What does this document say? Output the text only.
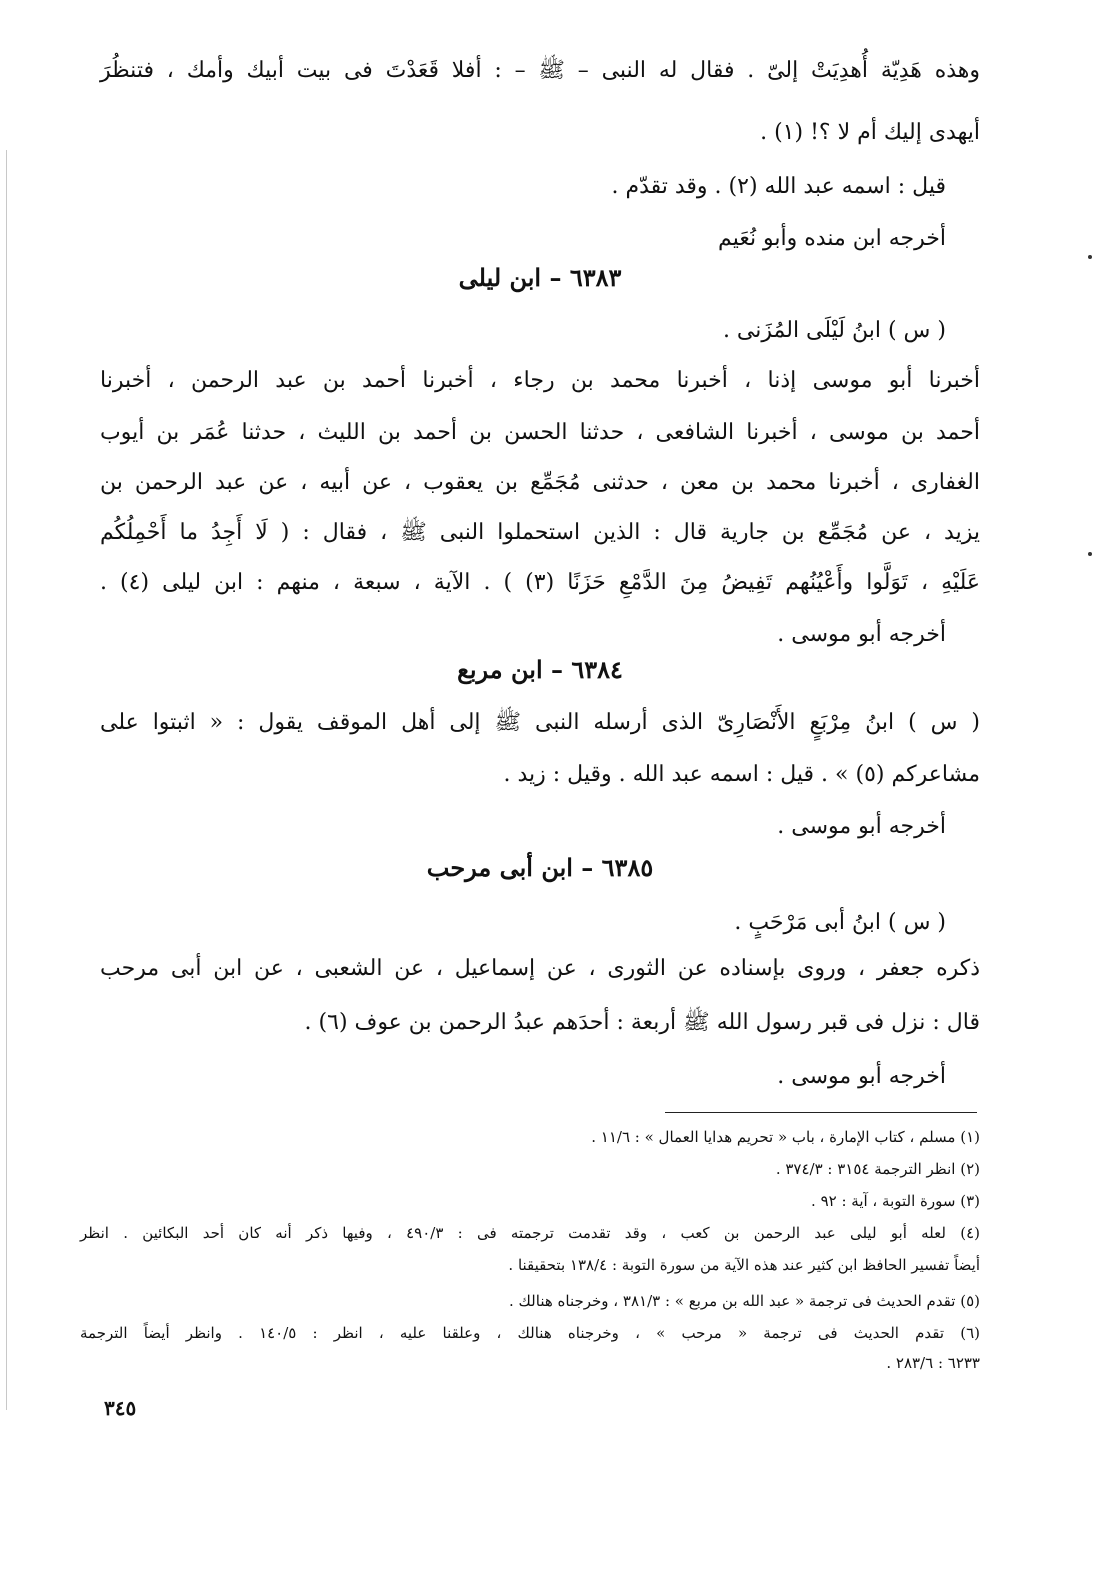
وهذه هَدِيّة أُهدِيَتْ إلىّ . فقال له النبى – ﷺ – : أفلا قَعَدْتَ فى بيت أبيك وأمك ، فتنظُرَ
أيهدى إليك أم لا ؟! (١) .
قيل : اسمه عبد الله (٢) . وقد تقدّم .
أخرجه ابن منده وأبو نُعَيم
٦٣٨٣ – ابن ليلى
( س ) ابنُ لَيْلَى المُزَنى .
أخبرنا أبو موسى إذنا ، أخبرنا محمد بن رجاء ، أخبرنا أحمد بن عبد الرحمن ، أخبرنا
أحمد بن موسى ، أخبرنا الشافعى ، حدثنا الحسن بن أحمد بن الليث ، حدثنا عُمَر بن أيوب
الغفارى ، أخبرنا محمد بن معن ، حدثنى مُجَمِّع بن يعقوب ، عن أبيه ، عن عبد الرحمن بن
يزيد ، عن مُجَمِّع بن جارية قال : الذين استحملوا النبى ﷺ ، فقال : ( لَا أَجِدُ ما أَحْمِلُكُم
عَلَيْهِ ، تَوَلَّوا وأَعْيُنُهم تَفِيضُ مِنَ الدَّمْعِ حَزَنًا (٣) ) . الآية ، سبعة ، منهم : ابن ليلى (٤) .
أخرجه أبو موسى .
٦٣٨٤ – ابن مربع
( س ) ابنُ مِرْبَعٍ الأَنْصَارِىّ الذى أرسله النبى ﷺ إلى أهل الموقف يقول : « اثبتوا على
مشاعركم (٥) » . قيل : اسمه عبد الله . وقيل : زيد .
أخرجه أبو موسى .
٦٣٨٥ – ابن أبى مرحب
( س ) ابنُ أبى مَرْحَبٍ .
ذكره جعفر ، وروى بإسناده عن الثورى ، عن إسماعيل ، عن الشعبى ، عن ابن أبى مرحب
قال : نزل فى قبر رسول الله ﷺ أربعة : أحدَهم عبدُ الرحمن بن عوف (٦) .
أخرجه أبو موسى .
(١) مسلم ، كتاب الإمارة ، باب « تحريم هدايا العمال » : ١١/٦ .
(٢) انظر الترجمة ٣١٥٤ : ٣٧٤/٣ .
(٣) سورة التوبة ، آية : ٩٢ .
(٤) لعله أبو ليلى عبد الرحمن بن كعب ، وقد تقدمت ترجمته فى : ٤٩٠/٣ ، وفيها ذكر أنه كان أحد البكائين . انظر
أيضاً تفسير الحافظ ابن كثير عند هذه الآية من سورة التوبة : ١٣٨/٤ بتحقيقنا .
(٥) تقدم الحديث فى ترجمة « عبد الله بن مربع » : ٣٨١/٣ ، وخرجناه هنالك .
(٦) تقدم الحديث فى ترجمة « مرحب » ، وخرجناه هنالك ، وعلقنا عليه ، انظر : ١٤٠/٥ . وانظر أيضاً الترجمة
٦٢٣٣ : ٢٨٣/٦ .
٣٤٥
